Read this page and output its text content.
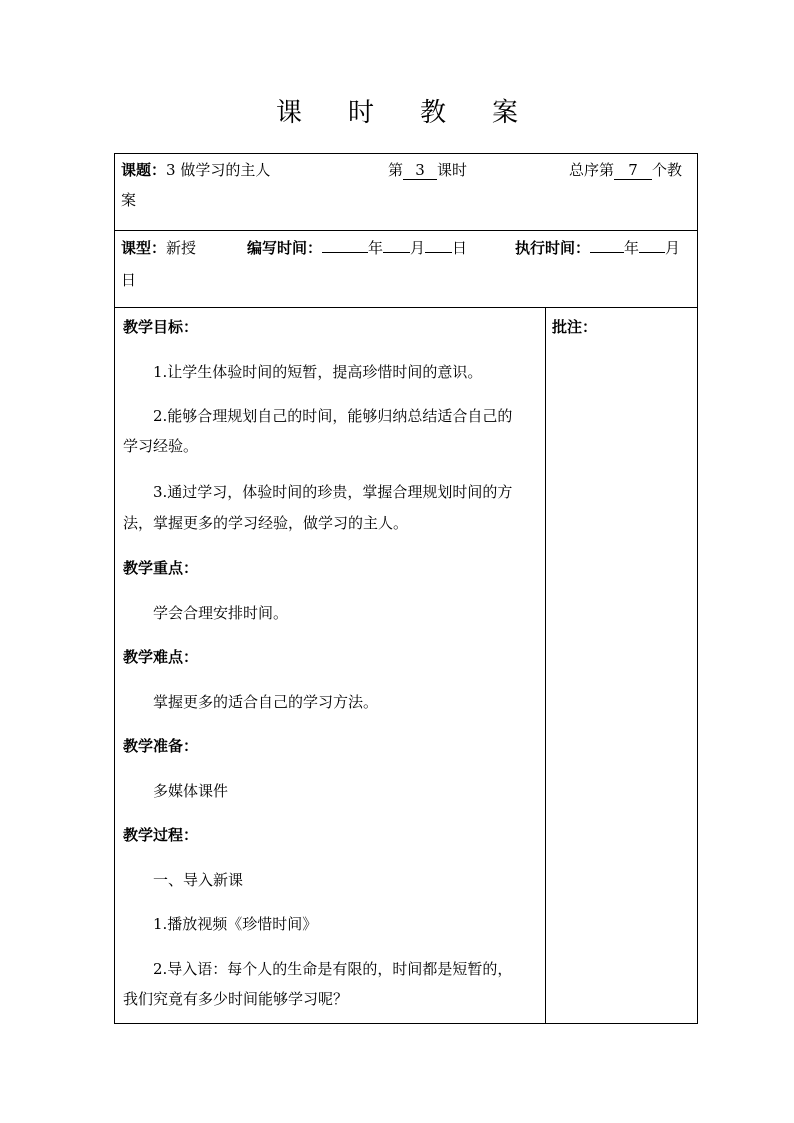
课 时 教 案
课题：3 做学习的主人	第 3 课时	总序第 7 个教
案
课型：新授	编写时间：	年 月 日	执行时间： 年 月
日
教学目标：
1.让学生体验时间的短暂，提高珍惜时间的意识。
2.能够合理规划自己的时间，能够归纳总结适合自己的
学习经验。
3.通过学习，体验时间的珍贵，掌握合理规划时间的方
法，掌握更多的学习经验，做学习的主人。
教学重点：
学会合理安排时间。
教学难点：
掌握更多的适合自己的学习方法。
教学准备：
多媒体课件
教学过程：
一、导入新课
1.播放视频《珍惜时间》
2.导入语：每个人的生命是有限的，时间都是短暂的，
我们究竟有多少时间能够学习呢？
批注：
